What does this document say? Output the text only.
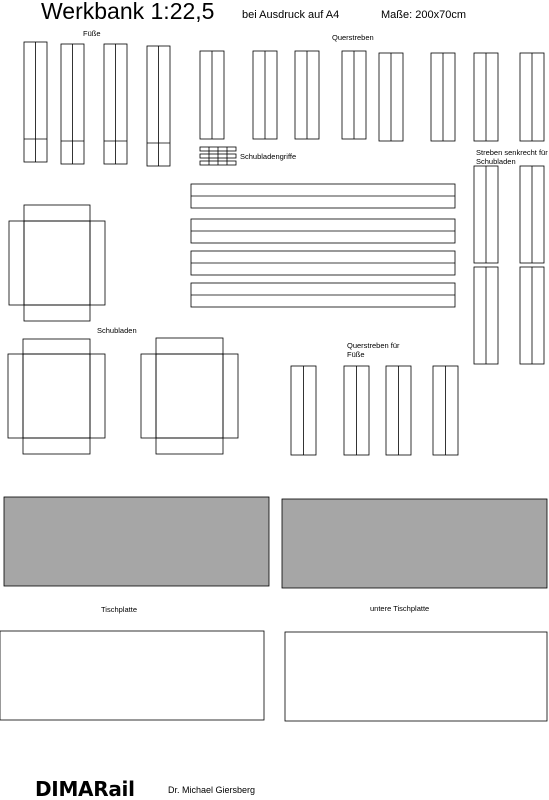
Werkbank 1:22,5	bei Ausdruck auf A4	Maße: 200x70cm
Füße	Querstreben
Schubladengriffe	Streben senkrecht für Schubladen
Schubladen
Querstreben für Füße
Tischplatte	untere Tischplatte
DIMARail	Dr. Michael Giersberg
